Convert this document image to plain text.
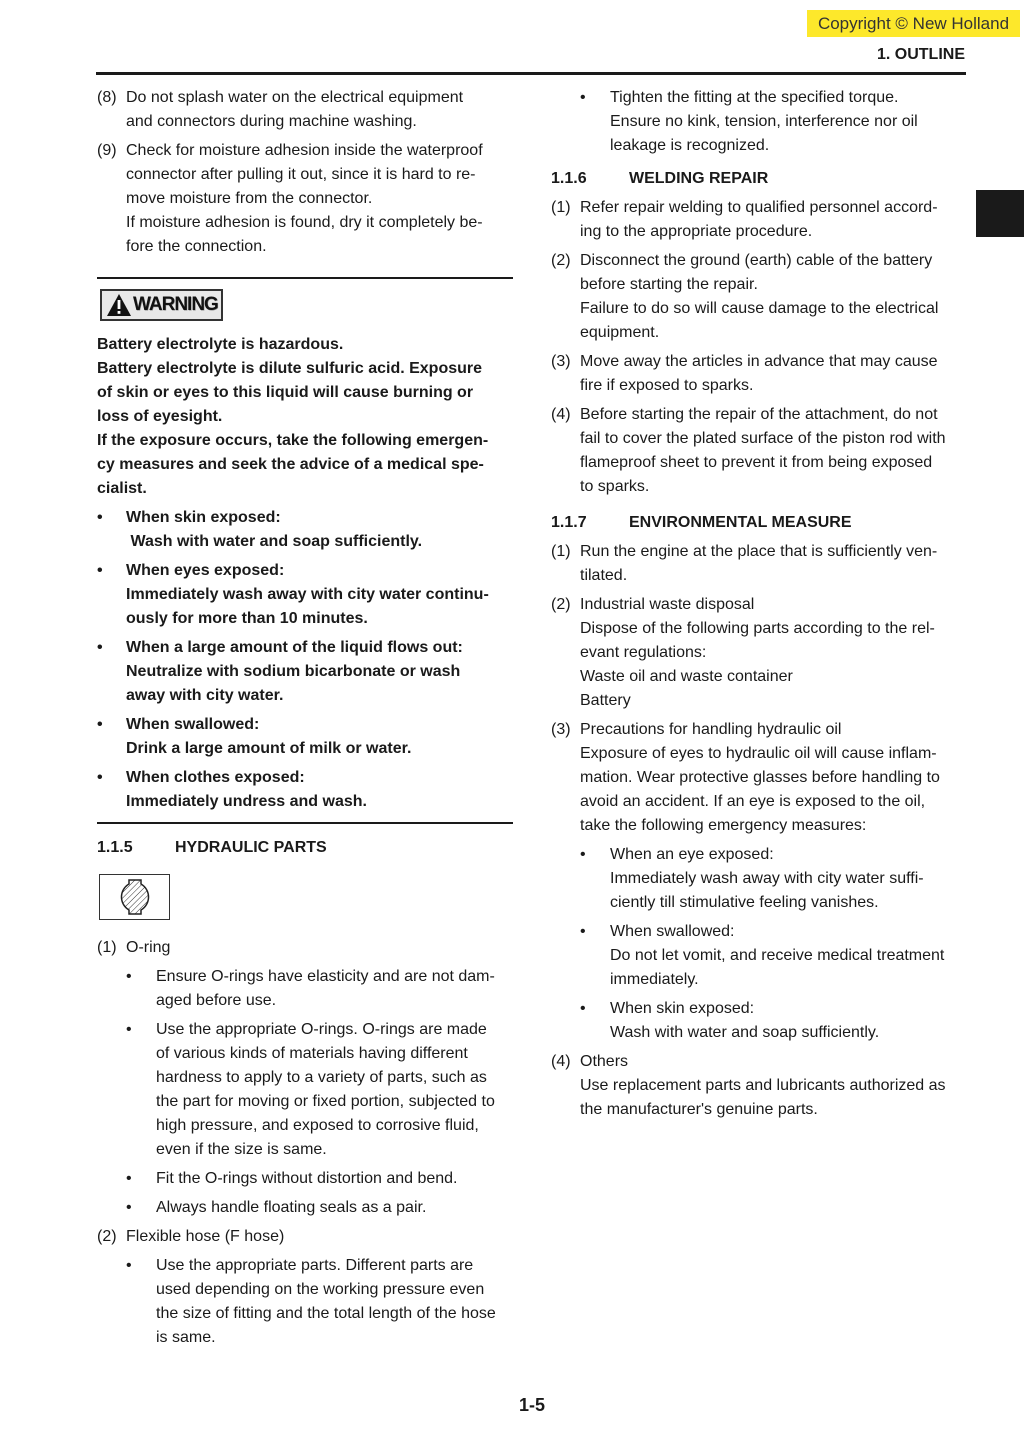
Copyright © New Holland
1. OUTLINE
(8) Do not splash water on the electrical equipment
and connectors during machine washing.
(9) Check for moisture adhesion inside the waterproof
connector after pulling it out, since it is hard to re-
move moisture from the connector.
If moisture adhesion is found, dry it completely be-
fore the connection.
WARNING
Battery electrolyte is hazardous.
Battery electrolyte is dilute sulfuric acid. Exposure
of skin or eyes to this liquid will cause burning or
loss of eyesight.
If the exposure occurs, take the following emergen-
cy measures and seek the advice of a medical spe-
cialist.
•	When skin exposed:
Wash with water and soap sufficiently.
•	When eyes exposed:
Immediately wash away with city water continu-
ously for more than 10 minutes.
•	When a large amount of the liquid flows out:
Neutralize with sodium bicarbonate or wash
away with city water.
•	When swallowed:
Drink a large amount of milk or water.
•	When clothes exposed:
Immediately undress and wash.
1.1.5	HYDRAULIC PARTS
(1) O-ring
•	Ensure O-rings have elasticity and are not dam-
aged before use.
•	Use the appropriate O-rings. O-rings are made
of various kinds of materials having different
hardness to apply to a variety of parts, such as
the part for moving or fixed portion, subjected to
high pressure, and exposed to corrosive fluid,
even if the size is same.
•	Fit the O-rings without distortion and bend.
•	Always handle floating seals as a pair.
(2) Flexible hose (F hose)
•	Use the appropriate parts. Different parts are
used depending on the working pressure even
the size of fitting and the total length of the hose
is same.
•	Tighten the fitting at the specified torque.
Ensure no kink, tension, interference nor oil
leakage is recognized.
1.1.6	WELDING REPAIR
(1) Refer repair welding to qualified personnel accord-
ing to the appropriate procedure.
(2) Disconnect the ground (earth) cable of the battery
before starting the repair.
Failure to do so will cause damage to the electrical
equipment.
(3) Move away the articles in advance that may cause
fire if exposed to sparks.
(4) Before starting the repair of the attachment, do not
fail to cover the plated surface of the piston rod with
flameproof sheet to prevent it from being exposed
to sparks.
1.1.7	ENVIRONMENTAL MEASURE
(1) Run the engine at the place that is sufficiently ven-
tilated.
(2) Industrial waste disposal
Dispose of the following parts according to the rel-
evant regulations:
Waste oil and waste container
Battery
(3) Precautions for handling hydraulic oil
Exposure of eyes to hydraulic oil will cause inflam-
mation. Wear protective glasses before handling to
avoid an accident. If an eye is exposed to the oil,
take the following emergency measures:
•	When an eye exposed:
Immediately wash away with city water suffi-
ciently till stimulative feeling vanishes.
•	When swallowed:
Do not let vomit, and receive medical treatment
immediately.
•	When skin exposed:
Wash with water and soap sufficiently.
(4) Others
Use replacement parts and lubricants authorized as
the manufacturer's genuine parts.
1-5
